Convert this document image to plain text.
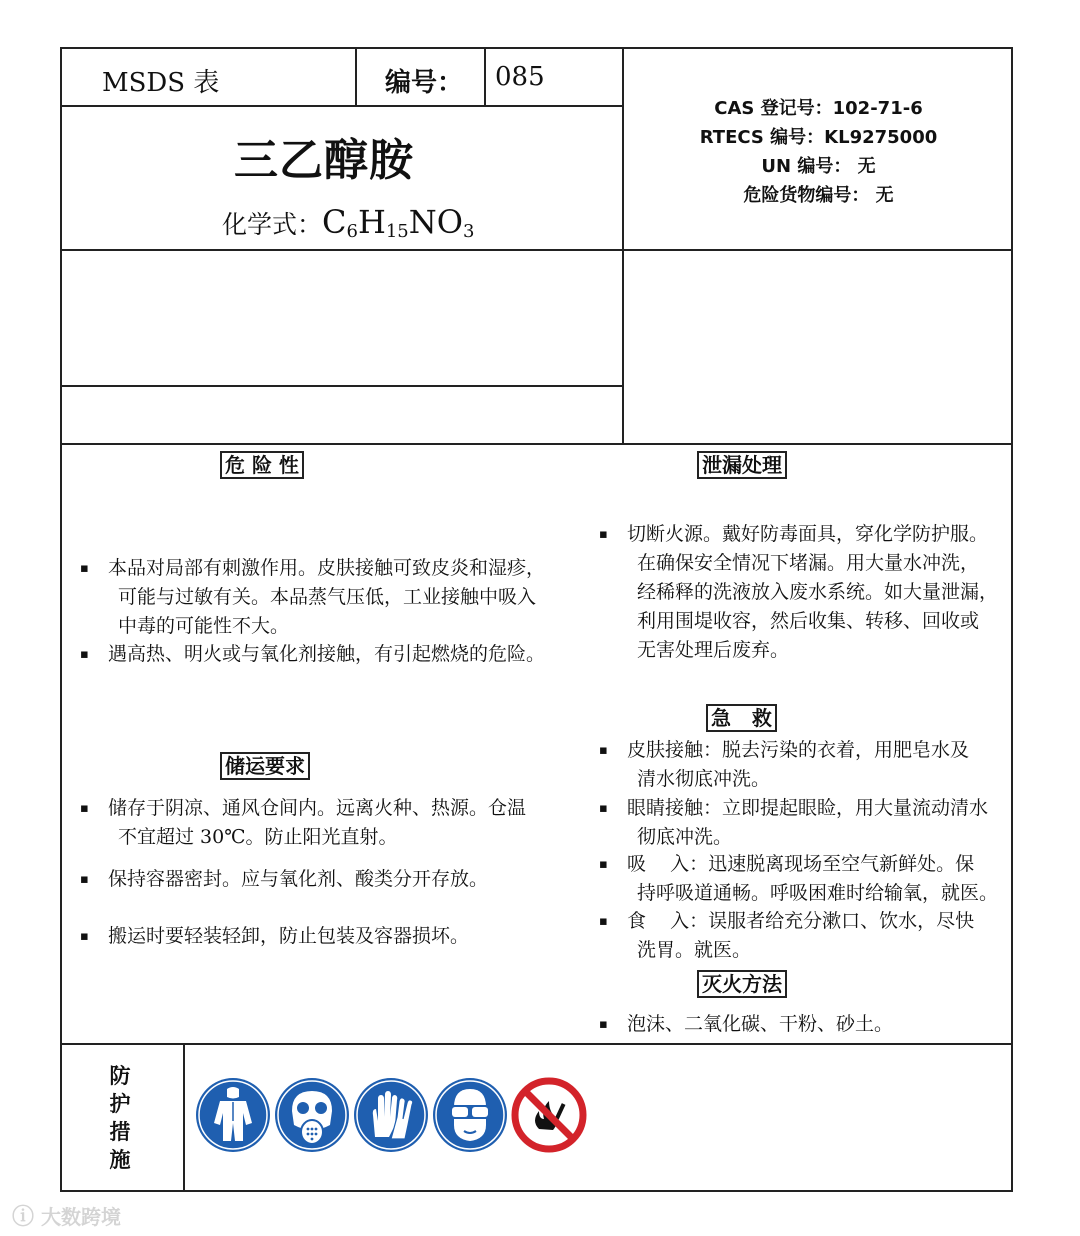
MSDS 表	编号： 085
三乙醇胺
化学式：$C_6H_{15}NO_3$
CAS 登记号：102-71-6
RTECS 编号：KL9275000
UN 编号： 无
危险货物编号： 无
危 险 性	泄漏处理
储运要求
急   救
灭火方法
▪ 本品对局部有刺激作用。皮肤接触可致皮炎和湿疹，
可能与过敏有关。本品蒸气压低，工业接触中吸入
中毒的可能性不大。
▪ 遇高热、明火或与氧化剂接触，有引起燃烧的危险。
▪ 切断火源。戴好防毒面具，穿化学防护服。
在确保安全情况下堵漏。用大量水冲洗，
经稀释的洗液放入废水系统。如大量泄漏，
利用围堤收容，然后收集、转移、回收或
无害处理后废弃。
▪ 储存于阴凉、通风仓间内。远离火种、热源。仓温
不宜超过 30℃。防止阳光直射。
▪ 保持容器密封。应与氧化剂、酸类分开存放。
▪ 搬运时要轻装轻卸，防止包装及容器损坏。
▪ 皮肤接触：脱去污染的衣着，用肥皂水及
清水彻底冲洗。
▪ 眼睛接触：立即提起眼睑，用大量流动清水
彻底冲洗。
▪ 吸    入：迅速脱离现场至空气新鲜处。保
持呼吸道通畅。呼吸困难时给输氧，就医。
▪ 食    入：误服者给充分漱口、饮水，尽快
洗胃。就医。
▪ 泡沫、二氧化碳、干粉、砂土。
防
护
措
施
ⓘ 大数跨境
